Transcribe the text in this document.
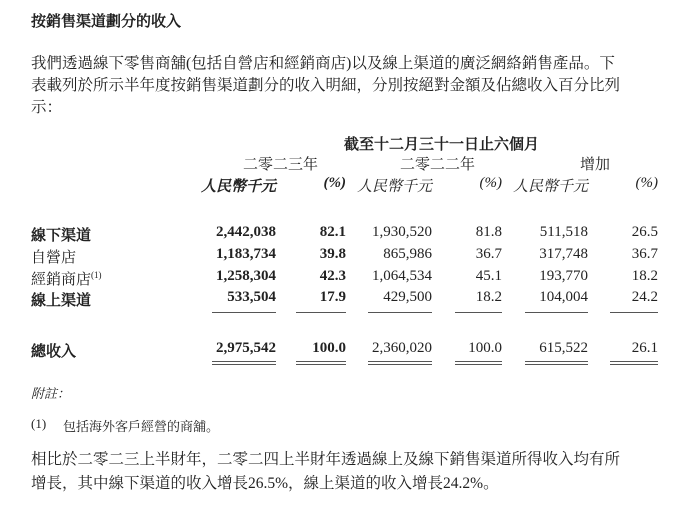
按銷售渠道劃分的收入
我們透過線下零售商舖(包括自營店和經銷商店)以及線上渠道的廣泛網絡銷售產品。下
表載列於所示半年度按銷售渠道劃分的收入明細，分別按絕對金額及佔總收入百分比列
示：
截至十二月三十一日止六個月
二零二三年	二零二二年	增加
人民幣千元	(%) 人民幣千元	(%) 人民幣千元	(%)
線下渠道	2,442,038	82.1 1,930,520	81.8	511,518	26.5
自營店	1,183,734	39.8 865,986	36.7 317,748	36.7
經銷商店$^{(1)}$	1,258,304	42.3 1,064,534	45.1 193,770	18.2
線上渠道	533,504	17.9 429,500	18.2 104,004	24.2
總收入	2,975,542 100.0 2,360,020 100.0 615,522	26.1
附註：
(1) 包括海外客戶經營的商舖。
相比於二零二三上半財年，二零二四上半財年透過線上及線下銷售渠道所得收入均有所
增長，其中線下渠道的收入增長26.5%，線上渠道的收入增長24.2%。
